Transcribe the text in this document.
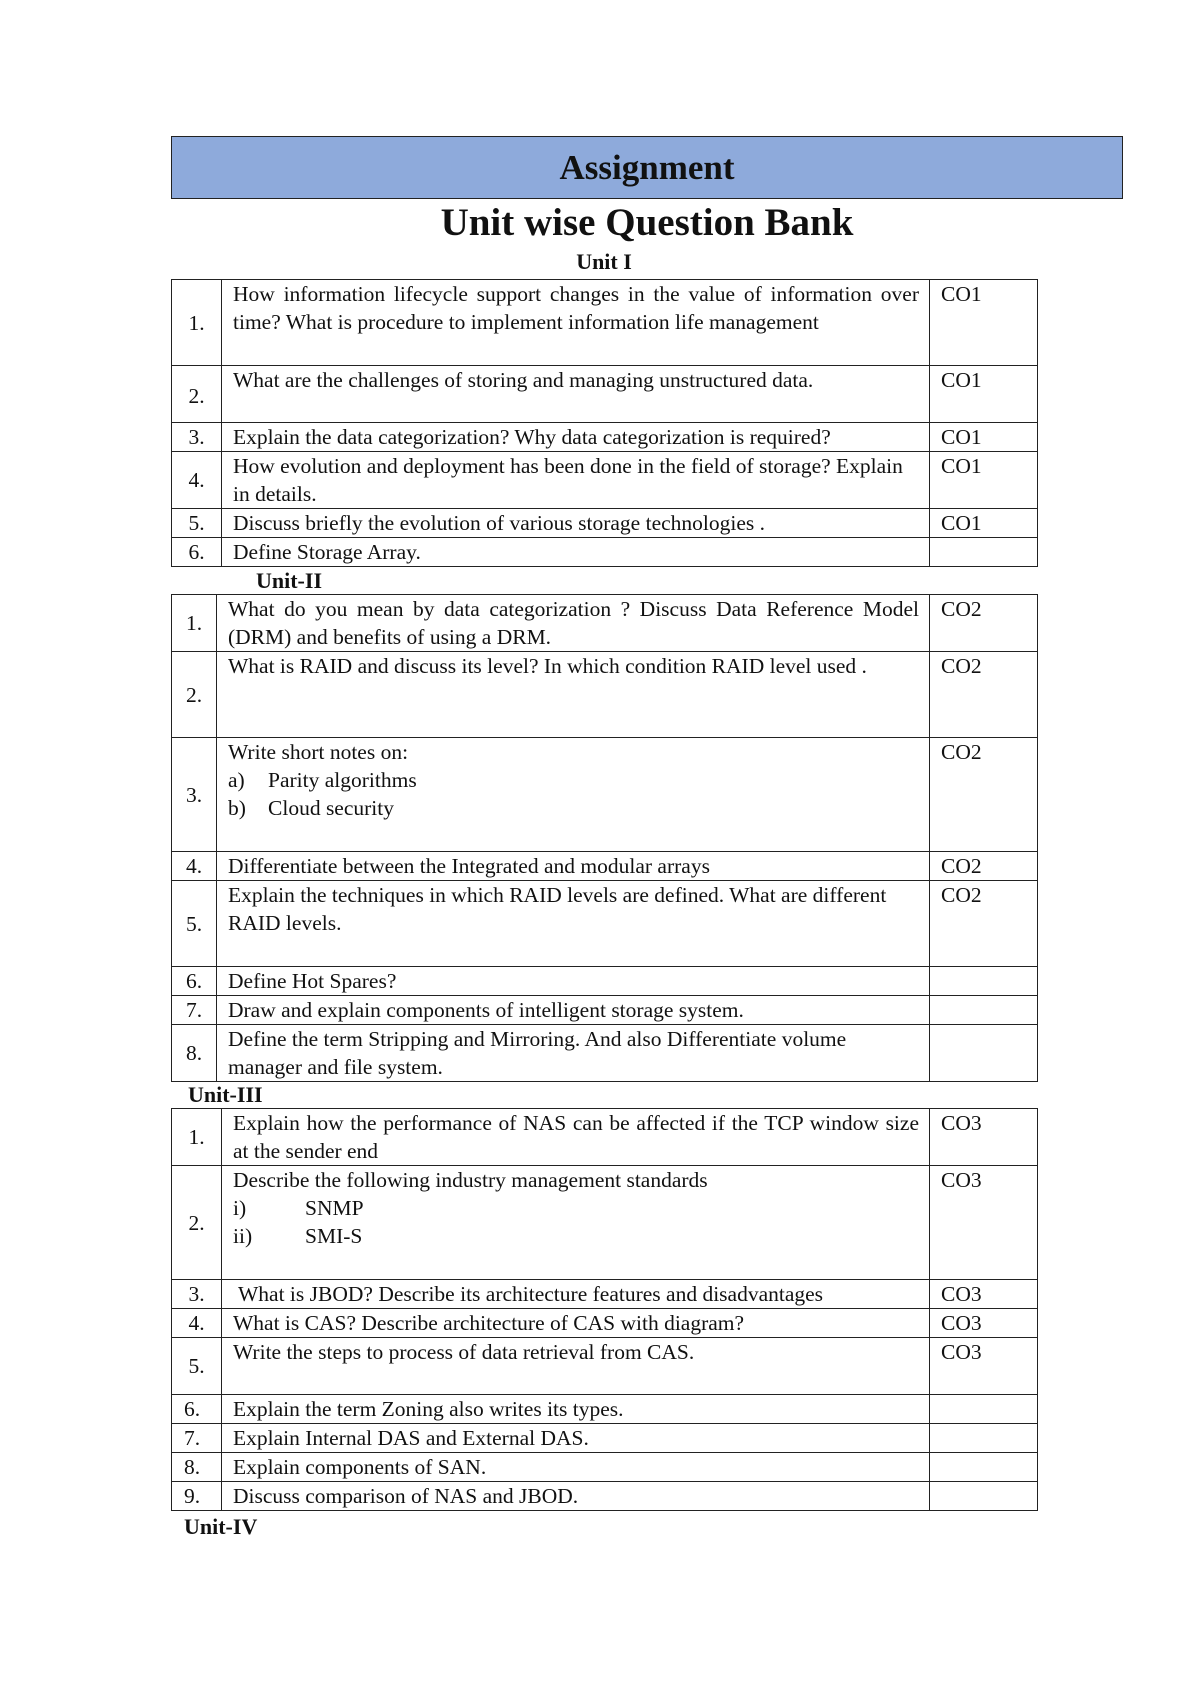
Assignment
Unit wise Question Bank
Unit I
1.	How information lifecycle support changes in the value of information over time? What is procedure to implement information life management	CO1
2.	What are the challenges of storing and managing unstructured data.	CO1
3.	Explain the data categorization? Why data categorization is required?	CO1
4.	How evolution and deployment has been done in the field of storage? Explain in details.	CO1
5.	Discuss briefly the evolution of various storage technologies .	CO1
6.	Define Storage Array.	
Unit-II
1.	What do you mean by data categorization ? Discuss Data Reference Model (DRM) and benefits of using a DRM.	CO2
2.	What is RAID and discuss its level? In which condition RAID level used .	CO2
3.	Write short notes on:
a) Parity algorithms
b) Cloud security	CO2
4.	Differentiate between the Integrated and modular arrays	CO2
5.	Explain the techniques in which RAID levels are defined. What are different RAID levels.	CO2
6.	Define Hot Spares?	
7.	Draw and explain components of intelligent storage system.	
8.	Define the term Stripping and Mirroring. And also Differentiate volume manager and file system.	
Unit-III
1.	Explain how the performance of NAS can be affected if the TCP window size at the sender end	CO3
2.	Describe the following industry management standards
i) SNMP
ii) SMI-S	CO3
3.	What is JBOD? Describe its architecture features and disadvantages	CO3
4.	What is CAS? Describe architecture of CAS with diagram?	CO3
5.	Write the steps to process of data retrieval from CAS.	CO3
6.	Explain the term Zoning also writes its types.	
7.	Explain Internal DAS and External DAS.	
8.	Explain components of SAN.	
9.	Discuss comparison of NAS and JBOD.	
Unit-IV
